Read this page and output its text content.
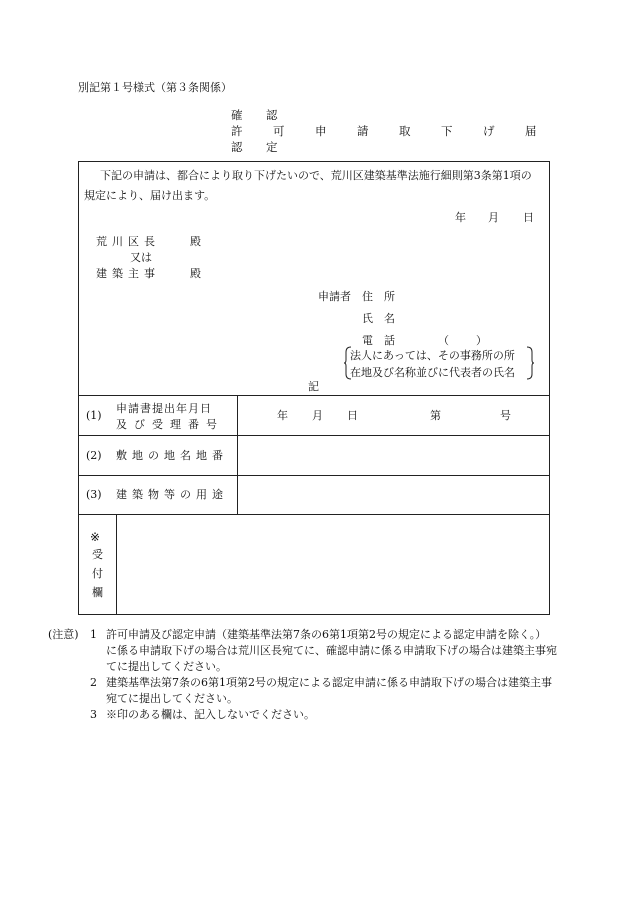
別記第１号様式（第３条関係）
確　認
認　定
許　可　申　請　取　下　げ　届
下記の申請は、都合により取り下げたいので、荒川区建築基準法施行細則第3条第1項の
規定により、届け出ます。
年 月 日
荒川区長	殿
又は
建築主事	殿
申請者 住　所
氏　名
電　話	（ ）
法人にあっては、その事務所の所
在地及び名称並びに代表者の氏名
記
(1)
申請書提出年月日
及び受理番号
年 月 日	第	号
(2) 敷地の地名地番
(3) 建築物等の用途
※
受
付
欄
(注意) 1 許可申請及び認定申請（建築基準法第7条の6第1項第2号の規定による認定申請を除く。）
に係る申請取下げの場合は荒川区長宛てに、確認申請に係る申請取下げの場合は建築主事宛
てに提出してください。
2 建築基準法第7条の6第1項第2号の規定による認定申請に係る申請取下げの場合は建築主事
宛てに提出してください。
3 ※印のある欄は、記入しないでください。
